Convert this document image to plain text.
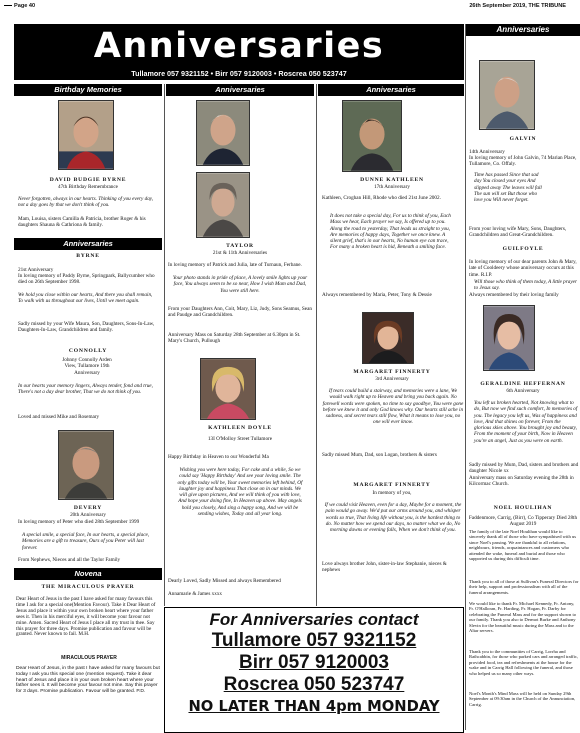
Page 40	26th September 2019, THE TRIBUNE
Anniversaries
Tullamore 057 9321152 • Birr 057 9120003 • Roscrea 050 523747
Anniversaries
Birthday Memories	Anniversaries	Anniversaries
DAVID BUDGIE BYRNE
47th Birthday Remembrance
Never forgotten, always in our hearts. Thinking of you every day, not a day goes by that we don't think of you.
Mam, Louisa, sisters Camilla & Patricia, brother Roger & his daughters Shauna & Cathriona & family.
Anniversaries
BYRNE
21st Anniversary
In loving memory of Paddy Byrne, Springpark, Ballycumber who died on 26th September 1998.
We hold you close within our hearts, And there you shall remain, To walk with us throughout our lives, Until we meet again.
Sadly missed by your Wife Maura, Son, Daughters, Sons-In-Law, Daughters-In-Law, Grandchildren and family.
CONNOLLY
Johnny Connolly Arden View, Tullamore 19th Anniversary
In our hearts your memory lingers, Always tender, fond and true, There's not a day dear brother, That we do not think of you.
Loved and missed Mike and Rosemary
DEVERY
20th Anniversary
In loving memory of Peter who died 28th September 1999
A special smile, a special face, In our hearts, a special place, Memories are a gift to treasure, Ours of you Peter will last forever.
From Nephews, Nieces and all the Taylor Family
Novena
THE MIRACULOUS PRAYER
Dear Heart of Jesus in the past I have asked for many favours this time I ask for a special one(Mention Favour). Take it Dear Heart of Jesus and place it within your own broken heart where your father sees it. Then in his merciful eyes, it will become your favour not mine. Amen. Sacred Heart of Jesus I place all my trust in thee. Say this prayer for three days. Promise publication and favour will be granted. Never known to fail. M.H.
MIRACULOUS PRAYER
Dear Heart of Jesus, in the past I have asked for many favours but today I ask you this special one (mention request). Take it dear heart of Jesus and place it in your own broken heart where your father sees it. It will become your favour not mine. Say this prayer for 3 days. Promise publication. Favour will be granted. P.D.
TAYLOR
21st & 11th Anniversaries
In loving memory of Patrick and Julia, late of Turnaun, Ferbane.
Your photo stands in pride of place, A lovely smile lights up your face, You always seem to be so near, How I wish Mam and Dad, You were still here.
From your Daughters Ann, Coit, Mary, Liz, Judy, Sons Seamus, Sean and Paudge and Grandchildren.
Anniversary Mass on Saturday 28th September at 6.30pm in St. Mary's Church, Pullough
KATHLEEN DOYLE
13I O'Molloy Street Tullamore
Happy Birthday in Heaven to our Wonderful Ma
Wishing you were here today, For cake and a while, So we could say 'Happy Birthday' And see your loving smile. The only gifts today will be, Your sweet memories left behind, Of laughter joy and happiness That close on in our minds. We will give upon pictures, And we will think of you with love, And hope your doing fine, In Heaven up above. May angels hold you closely, And sing a happy song, And we will be sending wishes, Today and all year long.
Dearly Loved, Sadly Missed and always Remembered
Annamarie & James xxxx
DUNNE KATHLEEN
17th Anniversary
Kathleen, Croghan Hill, Rhode who died 21st June 2002.
It does not take a special day, For us to think of you, Each Mass we hear, Each prayer we say, Is offered up to you. Along the road to yesterday, That leads us straight to you, Are memories of happy days, Together we once knew. A silent grief, that's in our hearts, No human eye can trace, For many a broken heart is hid, Beneath a smiling face.
Always remembered by Maria, Peter, Tony & Dessie
MARGARET FINNERTY
3rd Anniversary
If tears could build a stairway, and memories were a lane, We would walk right up to Heaven and bring you back again. No farewell words were spoken, no time to say goodbye, You were gone before we knew it and only God knows why. Our hearts still ache in sadness, and secret tears still flow, What it means to lose you, no one will ever know.
Sadly missed Mum, Dad, son Logan, brothers & sisters
MARGARET FINNERTY
In memory of you,
If we could visit Heaven, even for a day, Maybe for a moment, the pain would go away. We'd put our arms around you, and whisper words so true, That living life without you, is the hardest thing to do. No matter how we spend our days, no matter what we do, No morning dawns or evening falls, When we don't think of you.
Love always brother John, sister-in-law Stephanie, nieces & nephews
GALVIN
14th Anniversary
In loving memory of John Galvin, 74 Marian Place, Tullamore, Co. Offaly.
Time has passed Since that sad day You closed your eyes And slipped away The leaves will fall The sun will set But those who love you Will never forget.
From your loving wife Mary, Sons, Daughters, Grandchildren and Great-Grandchildren.
GUILFOYLE
In loving memory of our dear parents John & Mary, late of Cooldeery whose anniversary occurs at this time. R.I.P.
Will those who think of them today, A little prayer to Jesus say.
Always remembered by their loving family
GERALDINE HEFFERNAN
6th Anniversary
You left us broken hearted, Not knowing what to do, But now we find such comfort, In memories of you. The legacy you left us, Was of happiness and love, And that shines on forever, From the glorious skies above. You brought joy and beauty, From the moment of your birth, Now in Heaven you're an angel, Just as you were on earth.
Sadly missed by Mum, Dad, sisters and brothers and daughter Nicole xx
Anniversary mass on Saturday evening the 28th in Kilcormac Church.
NOEL HOULIHAN
Faddenmore, Carrig, (Birr), Co Tipperary Died 28th August 2019
The family of the late Noel Houlihan would like to sincerely thank all of those who have sympathised with us since Noel's passing. We are thankful to all relations, neighbours, friends, acquaintances and customers who attended the wake, funeral and burial and those who supported us during this difficult time.
Thank you to all of those at Sullivan's Funeral Directors for their help, support and professionalism with all of the funeral arrangements.
We would like to thank Fr. Michael Kennedy, Fr. Antony, Fr. O'Halloran, Fr. Harding, Fr. Hogan, Fr. Darby for celebrating the Funeral Mass and for the support shown to our family. Thank you also to Dermot Burke and Anthony Slevin for the beautiful music during the Mass and to the Altar servers.
Thank you to the communities of Carrig, Lorrha and Rathcabbin, for those who parked cars and arranged traffic, provided food, tea and refreshments at the house for the wake and in Carrig Hall following the funeral, and those who helped us so many other ways.
Noel's Month's Mind Mass will be held on Sunday 29th September at 09:30am in the Church of the Annunciation, Carrig.
For Anniversaries contact
Tullamore 057 9321152
Birr 057 9120003
Roscrea 050 523747
NO LATER THAN 4pm MONDAY
